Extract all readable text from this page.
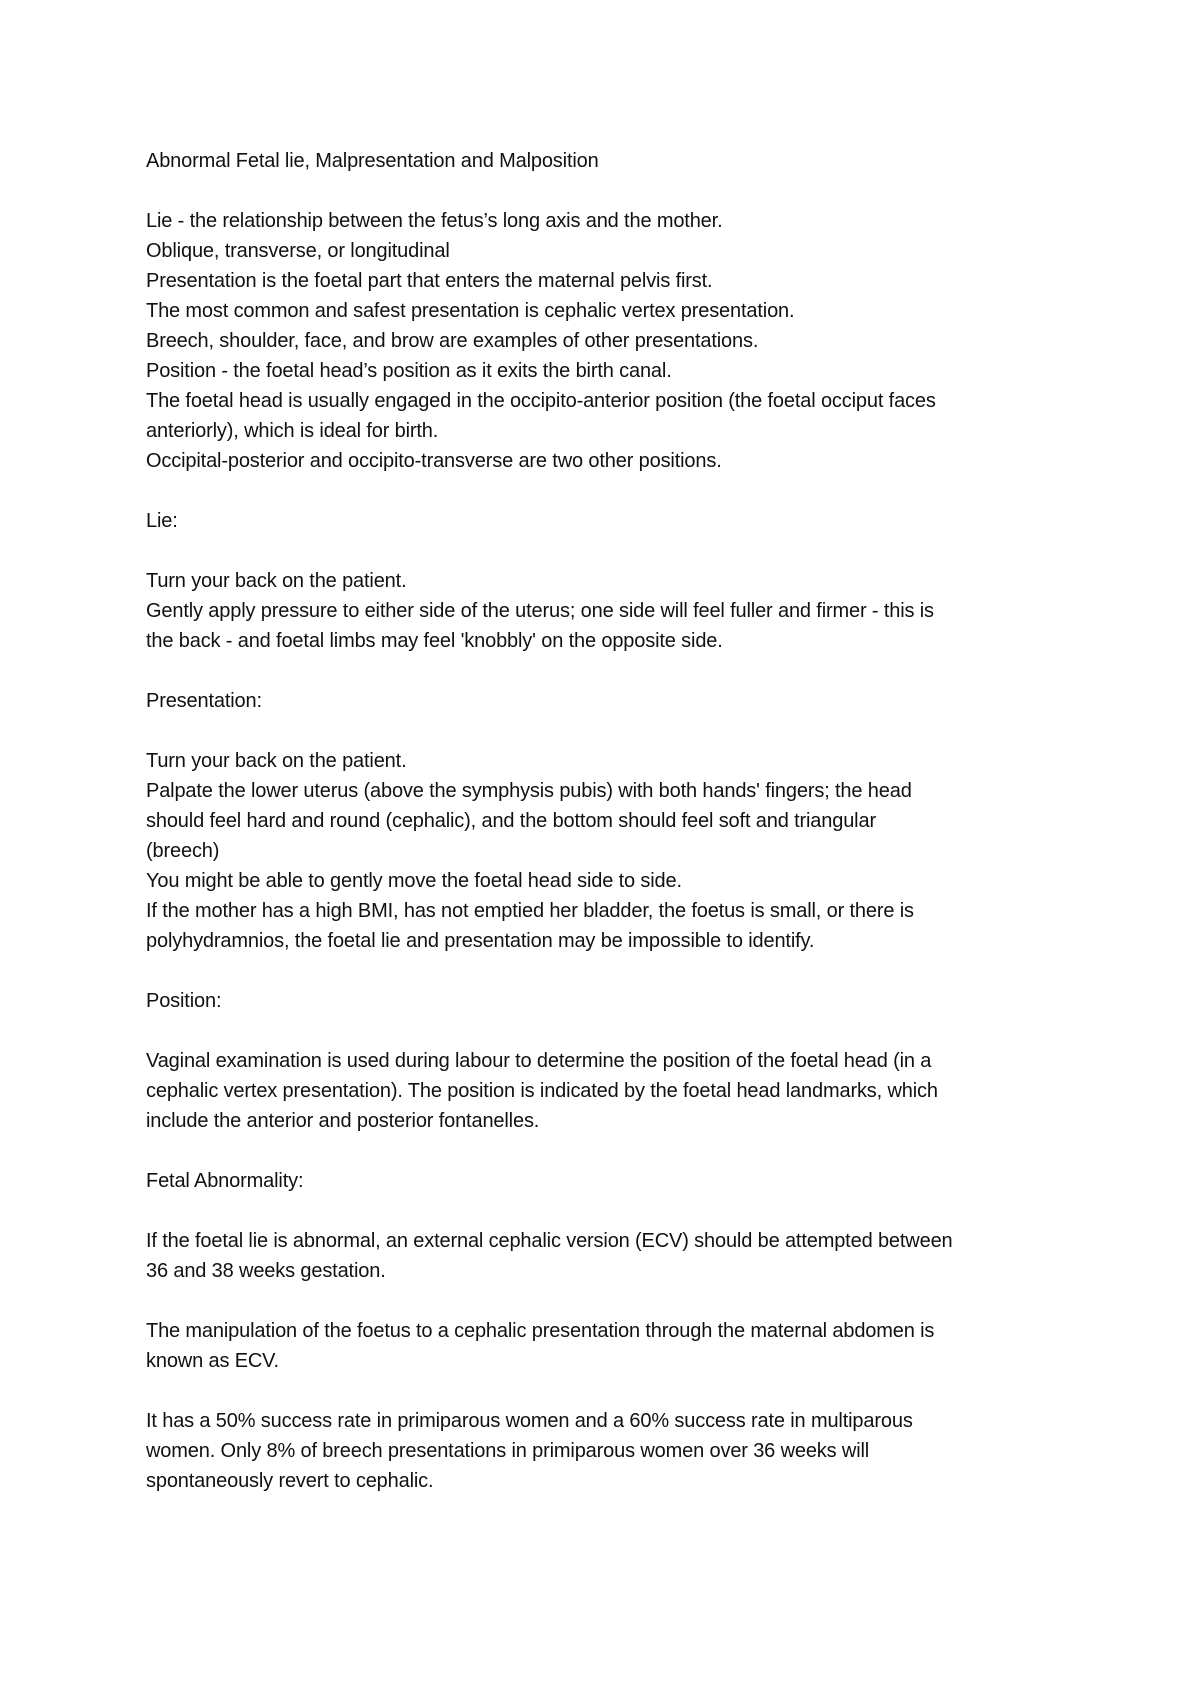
Abnormal Fetal lie, Malpresentation and Malposition
Lie - the relationship between the fetus’s long axis and the mother.
Oblique, transverse, or longitudinal
Presentation is the foetal part that enters the maternal pelvis first.
The most common and safest presentation is cephalic vertex presentation.
Breech, shoulder, face, and brow are examples of other presentations.
Position - the foetal head’s position as it exits the birth canal.
The foetal head is usually engaged in the occipito-anterior position (the foetal occiput faces
anteriorly), which is ideal for birth.
Occipital-posterior and occipito-transverse are two other positions.
Lie:
Turn your back on the patient.
Gently apply pressure to either side of the uterus; one side will feel fuller and firmer - this is
the back - and foetal limbs may feel 'knobbly' on the opposite side.
Presentation:
Turn your back on the patient.
Palpate the lower uterus (above the symphysis pubis) with both hands' fingers; the head
should feel hard and round (cephalic), and the bottom should feel soft and triangular
(breech)
You might be able to gently move the foetal head side to side.
If the mother has a high BMI, has not emptied her bladder, the foetus is small, or there is
polyhydramnios, the foetal lie and presentation may be impossible to identify.
Position:
Vaginal examination is used during labour to determine the position of the foetal head (in a
cephalic vertex presentation). The position is indicated by the foetal head landmarks, which
include the anterior and posterior fontanelles.
Fetal Abnormality:
If the foetal lie is abnormal, an external cephalic version (ECV) should be attempted between
36 and 38 weeks gestation.
The manipulation of the foetus to a cephalic presentation through the maternal abdomen is
known as ECV.
It has a 50% success rate in primiparous women and a 60% success rate in multiparous
women. Only 8% of breech presentations in primiparous women over 36 weeks will
spontaneously revert to cephalic.
